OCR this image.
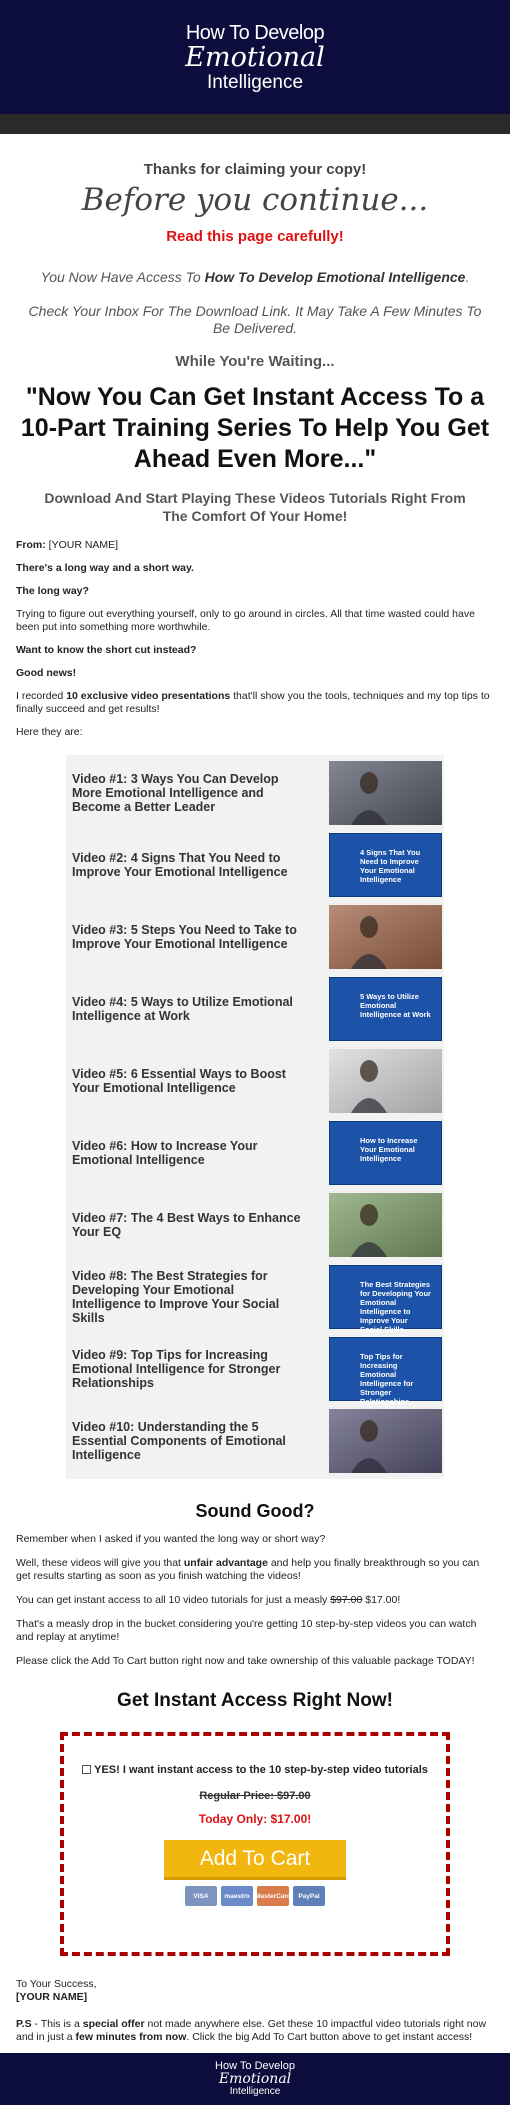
How To Develop
Emotional
Intelligence
Thanks for claiming your copy!
Before you continue...
Read this page carefully!
You Now Have Access To How To Develop Emotional Intelligence.
Check Your Inbox For The Download Link. It May Take A Few Minutes To Be Delivered.
While You're Waiting...
"Now You Can Get Instant Access To a 10-Part Training Series To Help You Get Ahead Even More..."
Download And Start Playing These Videos Tutorials Right From The Comfort Of Your Home!

From: [YOUR NAME]

There's a long way and a short way.

The long way?

Trying to figure out everything yourself, only to go around in circles. All that time wasted could have been put into something more worthwhile.

Want to know the short cut instead?

Good news!

I recorded 10 exclusive video presentations that'll show you the tools, techniques and my top tips to finally succeed and get results!

Here they are:

Video #1: 3 Ways You Can Develop More Emotional Intelligence and Become a Better Leader
Video #2: 4 Signs That You Need to Improve Your Emotional Intelligence
4 Signs That You Need to Improve Your Emotional Intelligence
Video #3: 5 Steps You Need to Take to Improve Your Emotional Intelligence
Video #4: 5 Ways to Utilize Emotional Intelligence at Work
5 Ways to Utilize Emotional Intelligence at Work
Video #5: 6 Essential Ways to Boost Your Emotional Intelligence
Video #6: How to Increase Your Emotional Intelligence
How to Increase Your Emotional Intelligence
Video #7: The 4 Best Ways to Enhance Your EQ
Video #8: The Best Strategies for Developing Your Emotional Intelligence to Improve Your Social Skills
The Best Strategies for Developing Your Emotional Intelligence to Improve Your Social Skills
Video #9: Top Tips for Increasing Emotional Intelligence for Stronger Relationships
Top Tips for Increasing Emotional Intelligence for Stronger Relationships
Video #10: Understanding the 5 Essential Components of Emotional Intelligence
Sound Good?

Remember when I asked if you wanted the long way or short way?

Well, these videos will give you that unfair advantage and help you finally breakthrough so you can get results starting as soon as you finish watching the videos!

You can get instant access to all 10 video tutorials for just a measly $97.00 $17.00!

That's a measly drop in the bucket considering you're getting 10 step-by-step videos you can watch and replay at anytime!

Please click the Add To Cart button right now and take ownership of this valuable package TODAY!

Get Instant Access Right Now!
YES! I want instant access to the 10 step-by-step video tutorials
Regular Price: $97.00
Today Only: $17.00!
Add To Cart
VISA	maestro MasterCard	PayPal
To Your Success,
[YOUR NAME]
P.S - This is a special offer not made anywhere else. Get these 10 impactful video tutorials right now and in just a few minutes from now. Click the big Add To Cart button above to get instant access!
How To Develop
Emotional
Intelligence
